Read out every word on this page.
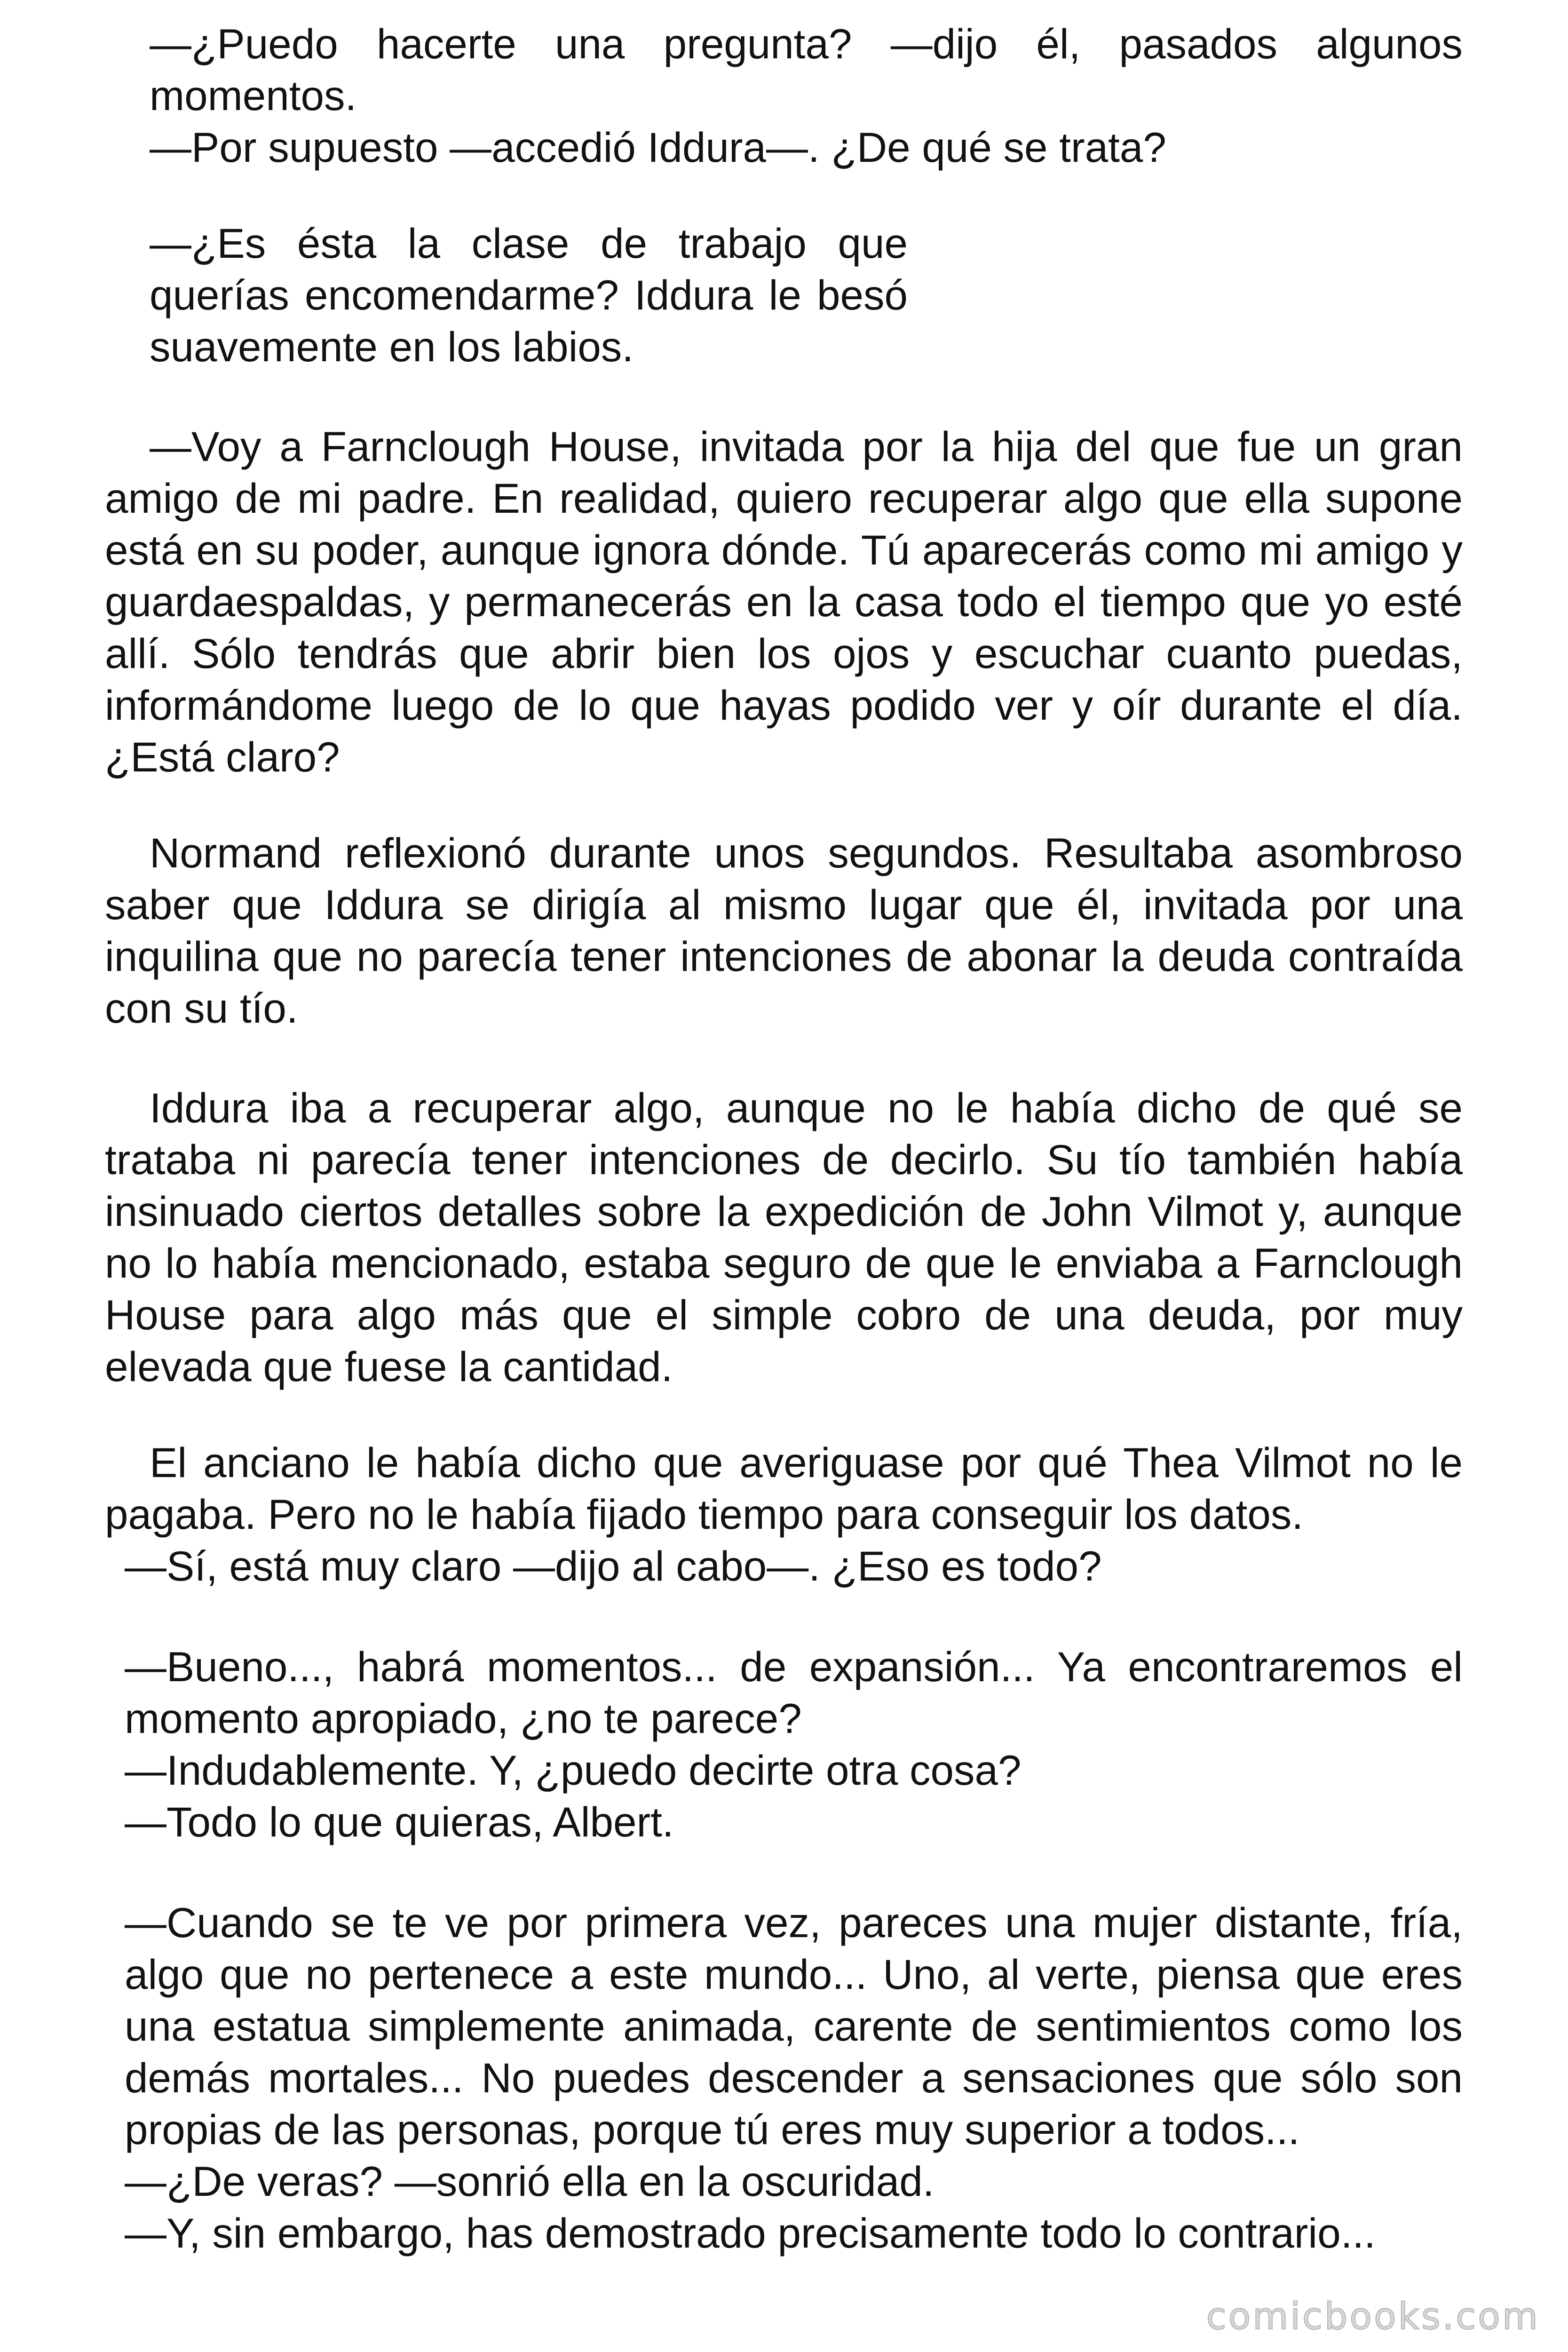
—¿Puedo hacerte una pregunta? —dijo él, pasados algunos momentos.

—Por supuesto —accedió Iddura—. ¿De qué se trata?

—¿Es ésta la clase de trabajo que querías encomendarme? Iddura le besó suavemente en los labios.

—Voy a Farnclough House, invitada por la hija del que fue un gran amigo de mi padre. En realidad, quiero recuperar algo que ella supone está en su poder, aunque ignora dónde. Tú aparecerás como mi amigo y guardaespaldas, y permanecerás en la casa todo el tiempo que yo esté allí. Sólo tendrás que abrir bien los ojos y escuchar cuanto puedas, informándome luego de lo que hayas podido ver y oír durante el día. ¿Está claro?

Normand reflexionó durante unos segundos. Resultaba asombroso saber que Iddura se dirigía al mismo lugar que él, invitada por una inquilina que no parecía tener intenciones de abonar la deuda contraída con su tío.

Iddura iba a recuperar algo, aunque no le había dicho de qué se trataba ni parecía tener intenciones de decirlo. Su tío también había insinuado ciertos detalles sobre la expedición de John Vilmot y, aunque no lo había mencionado, estaba seguro de que le enviaba a Farnclough House para algo más que el simple cobro de una deuda, por muy elevada que fuese la cantidad.

El anciano le había dicho que averiguase por qué Thea Vilmot no le pagaba. Pero no le había fijado tiempo para conseguir los datos.

—Sí, está muy claro —dijo al cabo—. ¿Eso es todo?

—Bueno..., habrá momentos... de expansión... Ya encontraremos el momento apropiado, ¿no te parece?

—Indudablemente. Y, ¿puedo decirte otra cosa?

—Todo lo que quieras, Albert.

—Cuando se te ve por primera vez, pareces una mujer distante, fría, algo que no pertenece a este mundo... Uno, al verte, piensa que eres una estatua simplemente animada, carente de sentimientos como los demás mortales... No puedes descender a sensaciones que sólo son propias de las personas, porque tú eres muy superior a todos...

—¿De veras? —sonrió ella en la oscuridad.

—Y, sin embargo, has demostrado precisamente todo lo contrario...

comicbooks.com
